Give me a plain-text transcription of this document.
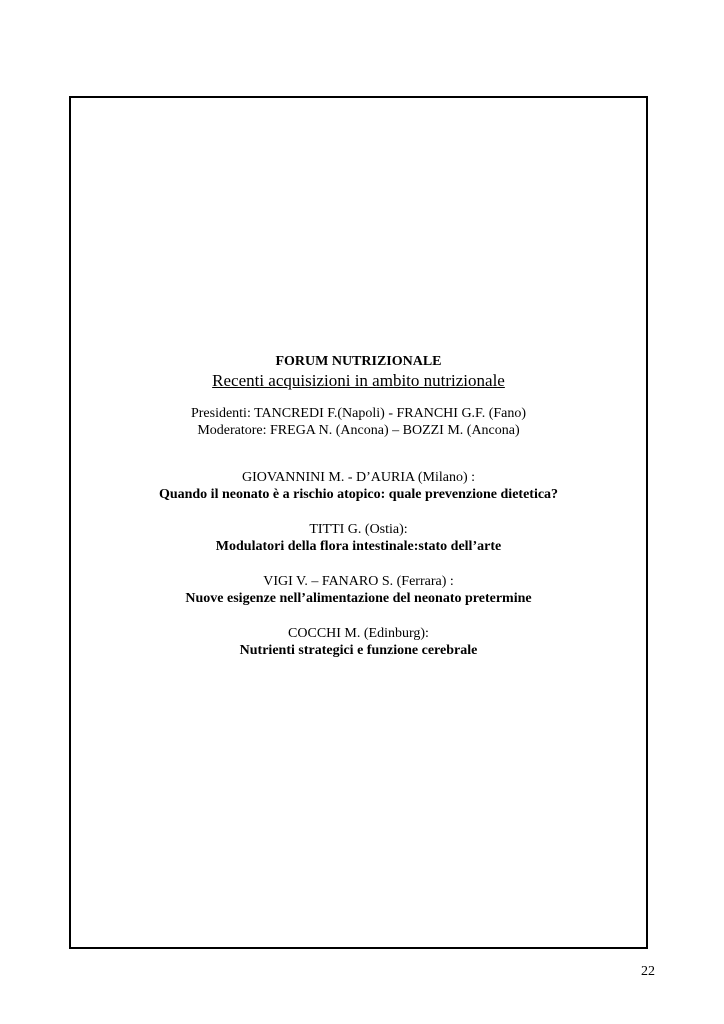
FORUM NUTRIZIONALE
Recenti acquisizioni in ambito nutrizionale
Presidenti: TANCREDI F.(Napoli) - FRANCHI G.F. (Fano)
Moderatore: FREGA N. (Ancona) – BOZZI M. (Ancona)
GIOVANNINI M. - D’AURIA (Milano) :
Quando il neonato è a rischio atopico: quale prevenzione dietetica?
TITTI G. (Ostia):
Modulatori della flora intestinale:stato dell’arte
VIGI V. – FANARO S. (Ferrara) :
Nuove esigenze nell’alimentazione del neonato pretermine
COCCHI M. (Edinburg):
Nutrienti strategici e funzione cerebrale
22
